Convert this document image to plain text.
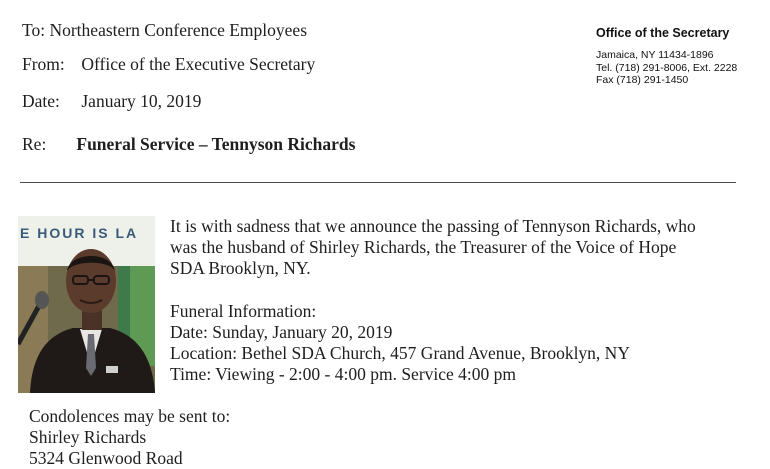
To: Northeastern Conference Employees
From: Office of the Executive Secretary
Date: January 10, 2019
Re: Funeral Service – Tennyson Richards
Office of the Secretary
Jamaica, NY 11434-1896
Tel. (718) 291-8006, Ext. 2228
Fax (718) 291-1450
E HOUR IS LA It is with sadness that we announce the passing of Tennyson Richards, who
was the husband of Shirley Richards, the Treasurer of the Voice of Hope
SDA Brooklyn, NY.
Funeral Information:
Date: Sunday, January 20, 2019
Location: Bethel SDA Church, 457 Grand Avenue, Brooklyn, NY
Time: Viewing - 2:00 - 4:00 pm. Service 4:00 pm
Condolences may be sent to:
Shirley Richards
5324 Glenwood Road
